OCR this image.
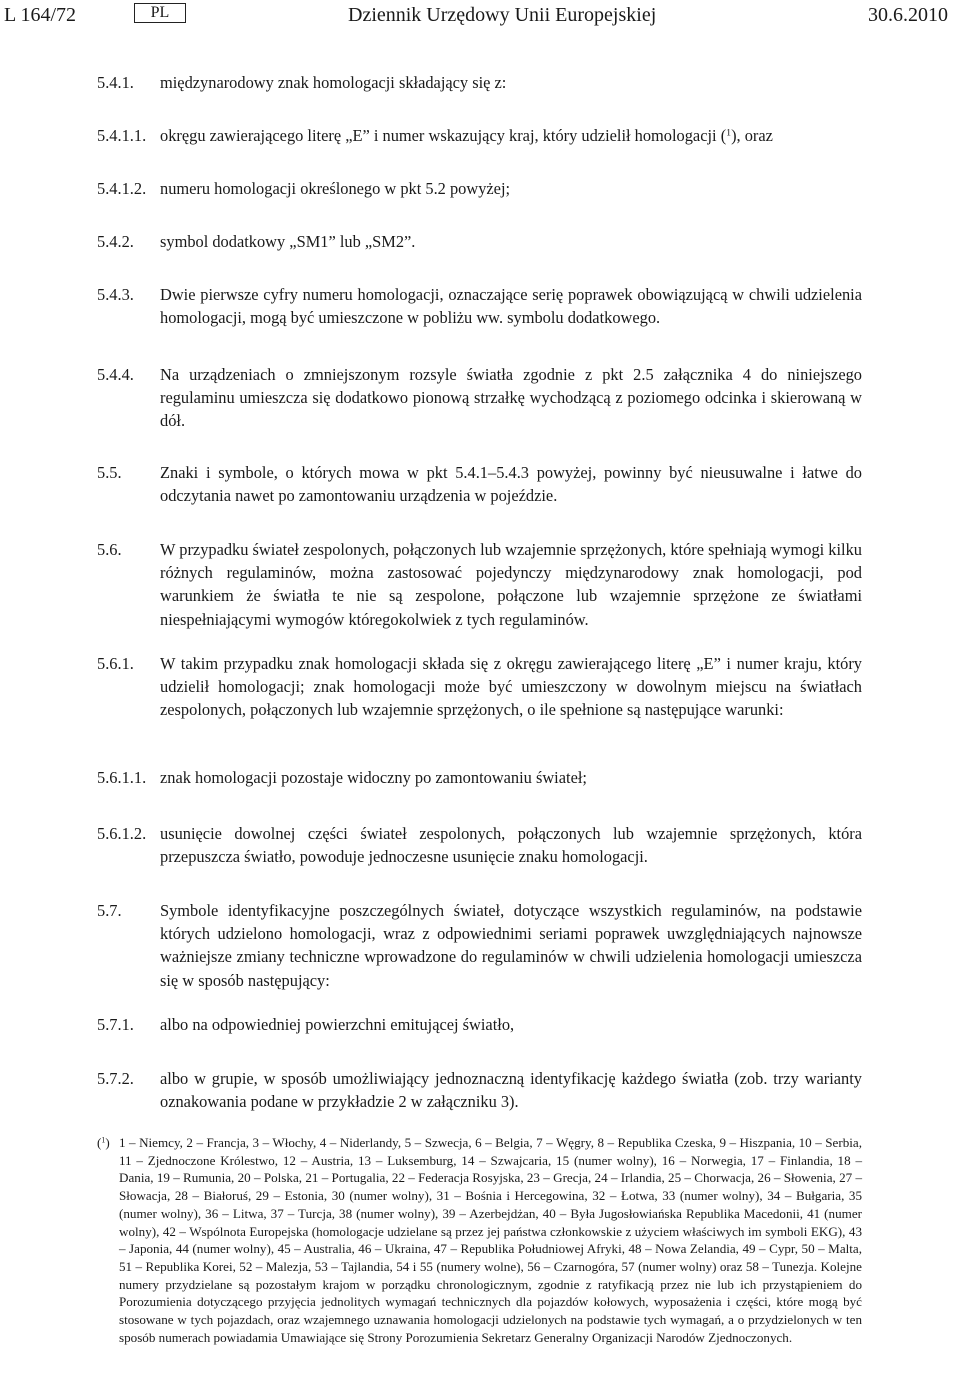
L 164/72	PL	Dziennik Urzędowy Unii Europejskiej	30.6.2010
5.4.1. międzynarodowy znak homologacji składający się z:
5.4.1.1. okręgu zawierającego literę „E” i numer wskazujący kraj, który udzielił homologacji ($^1$), oraz
5.4.1.2. numeru homologacji określonego w pkt 5.2 powyżej;
5.4.2. symbol dodatkowy „SM1” lub „SM2”.
5.4.3. Dwie pierwsze cyfry numeru homologacji, oznaczające serię poprawek obowiązującą w chwili udzielenia homologacji, mogą być umieszczone w pobliżu ww. symbolu dodatkowego.
5.4.4. Na urządzeniach o zmniejszonym rozsyle światła zgodnie z pkt 2.5 załącznika 4 do niniejszego regulaminu umieszcza się dodatkowo pionową strzałkę wychodzącą z poziomego odcinka i skierowaną w dół.
5.5. Znaki i symbole, o których mowa w pkt 5.4.1–5.4.3 powyżej, powinny być nieusuwalne i łatwe do odczytania nawet po zamontowaniu urządzenia w pojeździe.
5.6. W przypadku świateł zespolonych, połączonych lub wzajemnie sprzężonych, które spełniają wymogi kilku różnych regulaminów, można zastosować pojedynczy międzynarodowy znak homologacji, pod warunkiem że światła te nie są zespolone, połączone lub wzajemnie sprzężone ze światłami niespełniającymi wymogów któregokolwiek z tych regulaminów.
5.6.1. W takim przypadku znak homologacji składa się z okręgu zawierającego literę „E” i numer kraju, który udzielił homologacji; znak homologacji może być umieszczony w dowolnym miejscu na światłach zespolonych, połączonych lub wzajemnie sprzężonych, o ile spełnione są następujące warunki:
5.6.1.1. znak homologacji pozostaje widoczny po zamontowaniu świateł;
5.6.1.2. usunięcie dowolnej części świateł zespolonych, połączonych lub wzajemnie sprzężonych, która przepuszcza światło, powoduje jednoczesne usunięcie znaku homologacji.
5.7. Symbole identyfikacyjne poszczególnych świateł, dotyczące wszystkich regulaminów, na podstawie których udzielono homologacji, wraz z odpowiednimi seriami poprawek uwzględniających najnowsze ważniejsze zmiany techniczne wprowadzone do regulaminów w chwili udzielenia homologacji umieszcza się w sposób następujący:
5.7.1. albo na odpowiedniej powierzchni emitującej światło,
5.7.2. albo w grupie, w sposób umożliwiający jednoznaczną identyfikację każdego światła (zob. trzy warianty oznakowania podane w przykładzie 2 w załączniku 3).
($^1$) 1 – Niemcy, 2 – Francja, 3 – Włochy, 4 – Niderlandy, 5 – Szwecja, 6 – Belgia, 7 – Węgry, 8 – Republika Czeska, 9 – Hiszpania, 10 – Serbia, 11 – Zjednoczone Królestwo, 12 – Austria, 13 – Luksemburg, 14 – Szwajcaria, 15 (numer wolny), 16 – Norwegia, 17 – Finlandia, 18 – Dania, 19 – Rumunia, 20 – Polska, 21 – Portugalia, 22 – Federacja Rosyjska, 23 – Grecja, 24 – Irlandia, 25 – Chorwacja, 26 – Słowenia, 27 – Słowacja, 28 – Białoruś, 29 – Estonia, 30 (numer wolny), 31 – Bośnia i Hercegowina, 32 – Łotwa, 33 (numer wolny), 34 – Bułgaria, 35 (numer wolny), 36 – Litwa, 37 – Turcja, 38 (numer wolny), 39 – Azerbejdżan, 40 – Była Jugosłowiańska Republika Macedonii, 41 (numer wolny), 42 – Wspólnota Europejska (homologacje udzielane są przez jej państwa członkowskie z użyciem właściwych im symboli EKG), 43 – Japonia, 44 (numer wolny), 45 – Australia, 46 – Ukraina, 47 – Republika Południowej Afryki, 48 – Nowa Zelandia, 49 – Cypr, 50 – Malta, 51 – Republika Korei, 52 – Malezja, 53 – Tajlandia, 54 i 55 (numery wolne), 56 – Czarnogóra, 57 (numer wolny) oraz 58 – Tunezja. Kolejne numery przydzielane są pozostałym krajom w porządku chronologicznym, zgodnie z ratyfikacją przez nie lub ich przystąpieniem do Porozumienia dotyczącego przyjęcia jednolitych wymagań technicznych dla pojazdów kołowych, wyposażenia i części, które mogą być stosowane w tych pojazdach, oraz wzajemnego uznawania homologacji udzielonych na podstawie tych wymagań, a o przydzielonych w ten sposób numerach powiadamia Umawiające się Strony Porozumienia Sekretarz Generalny Organizacji Narodów Zjednoczonych.
